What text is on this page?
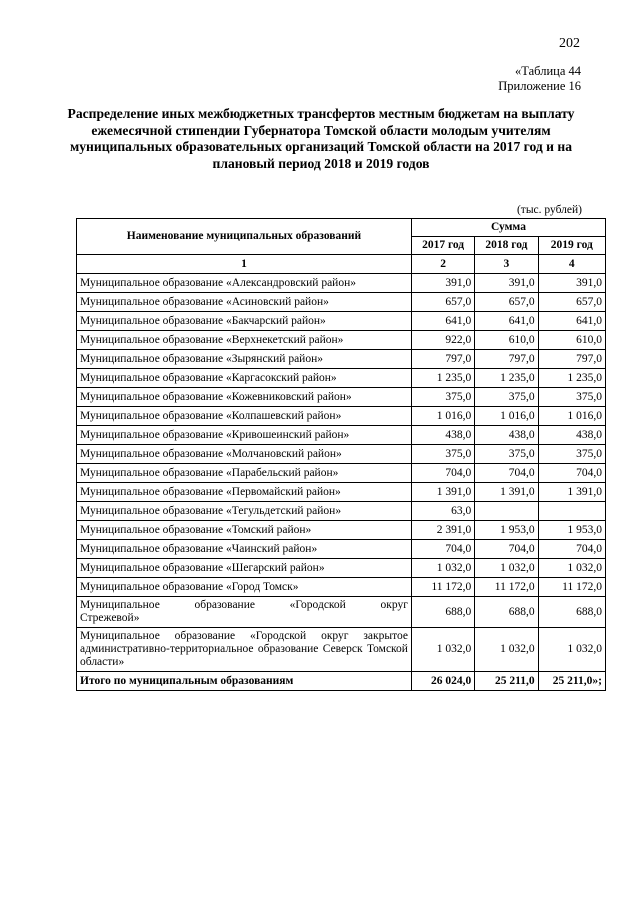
202
«Таблица 44
Приложение 16
Распределение иных межбюджетных трансфертов местным бюджетам на выплату ежемесячной стипендии Губернатора Томской области молодым учителям муниципальных образовательных организаций Томской области на 2017 год и на плановый период 2018 и 2019 годов
(тыс. рублей)
Наименование муниципальных образований	Сумма		
	2017 год	2018 год	2019 год
1	2	3	4
Муниципальное образование «Александровский район»	391,0	391,0	391,0
Муниципальное образование «Асиновский район»	657,0	657,0	657,0
Муниципальное образование «Бакчарский район»	641,0	641,0	641,0
Муниципальное образование «Верхнекетский район»	922,0	610,0	610,0
Муниципальное образование «Зырянский район»	797,0	797,0	797,0
Муниципальное образование «Каргасокский район»	1 235,0	1 235,0	1 235,0
Муниципальное образование «Кожевниковский район»	375,0	375,0	375,0
Муниципальное образование «Колпашевский район»	1 016,0	1 016,0	1 016,0
Муниципальное образование «Кривошеинский район»	438,0	438,0	438,0
Муниципальное образование «Молчановский район»	375,0	375,0	375,0
Муниципальное образование «Парабельский район»	704,0	704,0	704,0
Муниципальное образование «Первомайский район»	1 391,0	1 391,0	1 391,0
Муниципальное образование «Тегульдетский район»	63,0		
Муниципальное образование «Томский район»	2 391,0	1 953,0	1 953,0
Муниципальное образование «Чаинский район»	704,0	704,0	704,0
Муниципальное образование «Шегарский район»	1 032,0	1 032,0	1 032,0
Муниципальное образование «Город Томск»	11 172,0	11 172,0	11 172,0

Муниципальное образование «Городской округ
Стрежевой»	688,0	688,0	688,0
Муниципальное образование «Городской округ закрытое административно-территориальное образование Северск Томской области»	1 032,0	1 032,0	1 032,0
Итого по муниципальным образованиям	26 024,0	25 211,0	25 211,0»;
